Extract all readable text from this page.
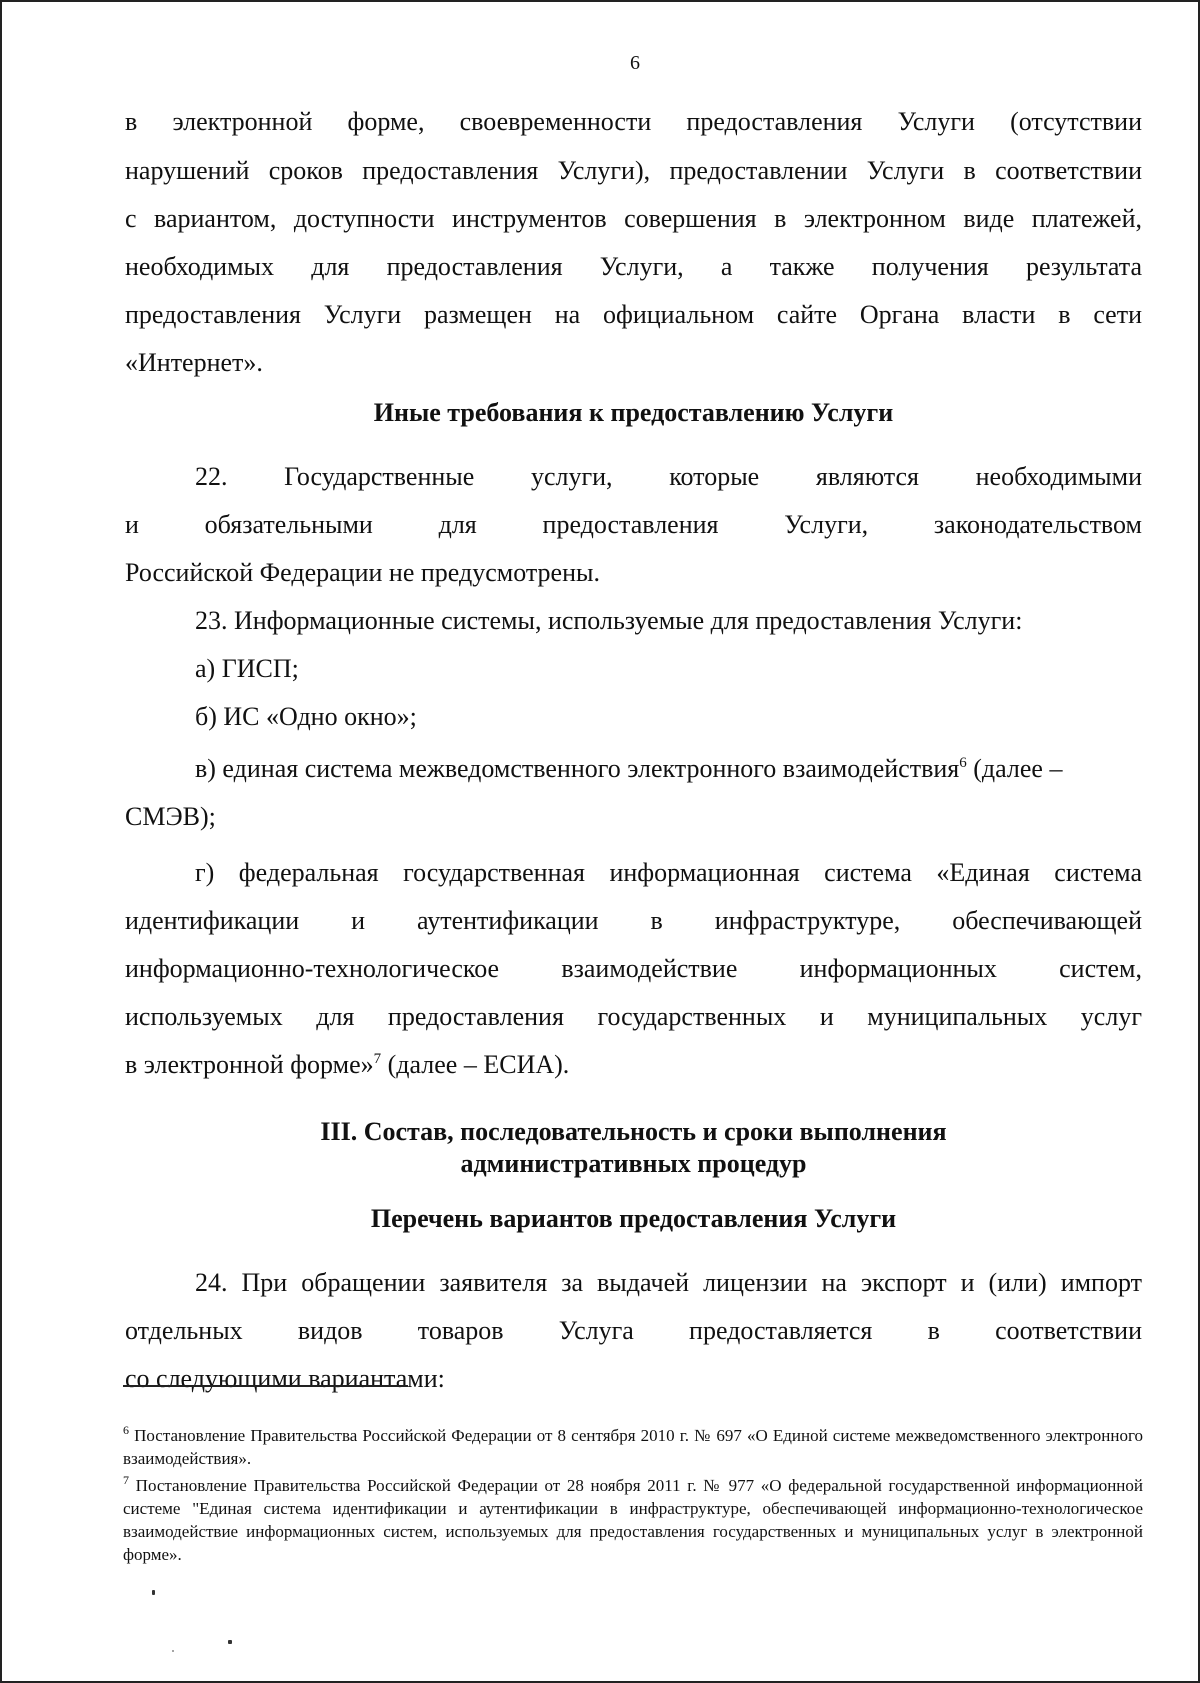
6
в электронной форме, своевременности предоставления Услуги (отсутствии
нарушений сроков предоставления Услуги), предоставлении Услуги в соответствии
с вариантом, доступности инструментов совершения в электронном виде платежей,
необходимых для предоставления Услуги, а также получения результата
предоставления Услуги размещен на официальном сайте Органа власти в сети
«Интернет».
Иные требования к предоставлению Услуги
22. Государственные услуги, которые являются необходимыми
и обязательными для предоставления Услуги, законодательством
Российской Федерации не предусмотрены.
23. Информационные системы, используемые для предоставления Услуги:
а) ГИСП;
б) ИС «Одно окно»;
в) единая система межведомственного электронного взаимодействия$^6$ (далее –
СМЭВ);
г) федеральная государственная информационная система «Единая система
идентификации и аутентификации в инфраструктуре, обеспечивающей
информационно-технологическое взаимодействие информационных систем,
используемых для предоставления государственных и муниципальных услуг
в электронной форме»$^7$ (далее – ЕСИА).
III. Состав, последовательность и сроки выполнения
административных процедур
Перечень вариантов предоставления Услуги
24. При обращении заявителя за выдачей лицензии на экспорт и (или) импорт
отдельных видов товаров Услуга предоставляется в соответствии
со следующими вариантами:
$^6$ Постановление Правительства Российской Федерации от 8 сентября 2010 г. № 697 «О Единой системе межведомственного электронного взаимодействия».
$^7$ Постановление Правительства Российской Федерации от 28 ноября 2011 г. № 977 «О федеральной государственной информационной системе "Единая система идентификации и аутентификации в инфраструктуре, обеспечивающей информационно-технологическое взаимодействие информационных систем, используемых для предоставления государственных и муниципальных услуг в электронной форме».
